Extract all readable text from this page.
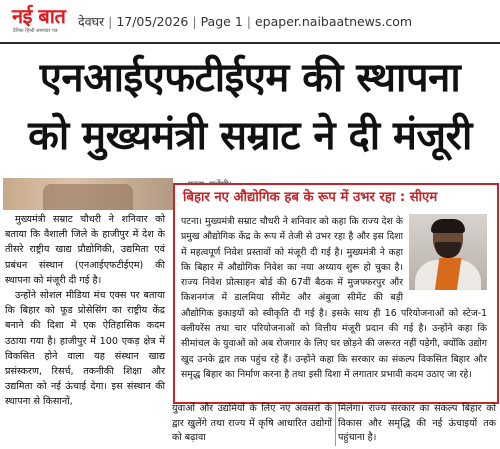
नई बात
दैनिक हिन्दी समाचार पत्र
देवघर | 17/05/2026 | Page 1 | epaper.naibaatnews.com
एनआईएफटीईएम की स्थापना
को मुख्यमंत्री सम्राट ने दी मंजूरी

मुख्यमंत्री सम्राट चौधरी ने शनिवार को बताया कि वैशाली जिले के हाजीपुर में देश के तीसरे राष्ट्रीय खाद्य प्रौद्योगिकी, उद्यमिता एवं प्रबंधन संस्थान (एनआईएफटीईएम) की स्थापना को मंजूरी दी गई है।

उन्होंने सोशल मीडिया मंच एक्स पर बताया कि बिहार को फूड प्रोसेसिंग का राष्ट्रीय केंद्र बनाने की दिशा में एक ऐतिहासिक कदम उठाया गया है। हाजीपुर में 100 एकड़ क्षेत्र में विकसित होने वाला यह संस्थान खाद्य प्रसंस्करण, रिसर्च, तकनीकी शिक्षा और उद्यमिता को नई ऊंचाई देगा। इस संस्थान की स्थापना से किसानों,

बिहार नए औद्योगिक हब के रूप में उभर रहा : सीएम
पटना। मुख्यमंत्री सम्राट चौधरी ने शनिवार को कहा कि राज्य देश के प्रमुख औद्योगिक केंद्र के रूप में तेजी से उभर रहा है और इस दिशा में महत्वपूर्ण निवेश प्रस्तावों को मंजूरी दी गई है। मुख्यमंत्री ने कहा कि बिहार में औद्योगिक निवेश का नया अध्याय शुरू हो चुका है। राज्य निवेश प्रोत्साहन बोर्ड की 67वीं बैठक में मुजफ्फरपुर और किशनगंज में डालमिया सीमेंट और अंबुजा सीमेंट की बड़ी औद्योगिक इकाइयों को स्वीकृति दी गई है। इसके साथ ही 16 परियोजनाओं को स्टेज-1 क्लीयरेंस तथा चार परियोजनाओं को वित्तीय मंजूरी प्रदान की गई है। उन्होंने कहा कि सीमांचल के युवाओं को अब रोजगार के लिए घर छोड़ने की जरूरत नहीं पड़ेगी, क्योंकि उद्योग खुद उनके द्वार तक पहुंच रहे हैं। उन्होंने कहा कि सरकार का संकल्प विकसित बिहार और समृद्ध बिहार का निर्माण करना है तथा इसी दिशा में लगातार प्रभावी कदम उठाए जा रहे।
युवाओं और उद्यमियों के लिए नए अवसरों के द्वार खुलेंगे तथा राज्य में कृषि आधारित उद्योगों को बढ़ावा
मिलेगा। राज्य सरकार का संकल्प बिहार को विकास और समृद्धि की नई ऊंचाइयों तक पहुंचाना है।
